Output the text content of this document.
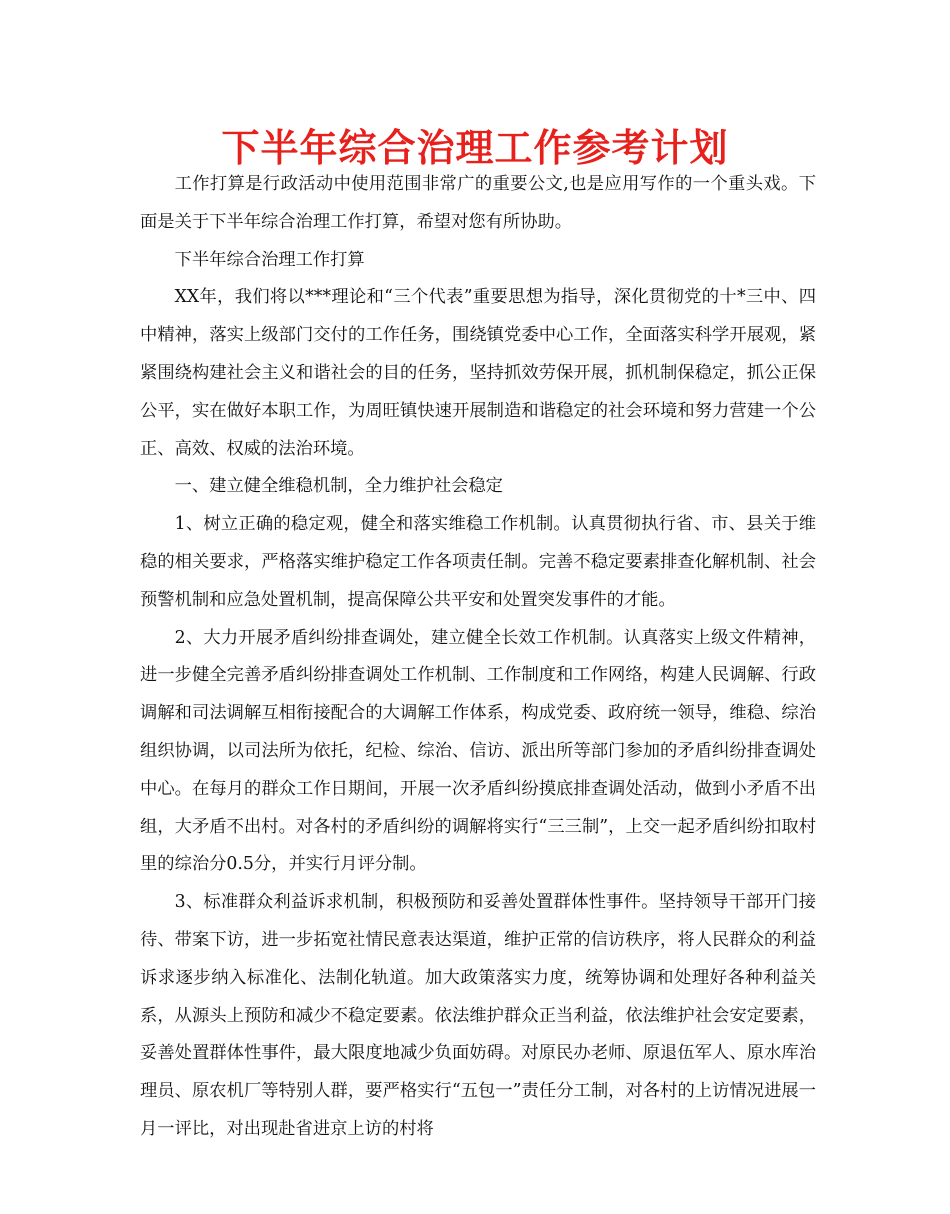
下半年综合治理工作参考计划

工作打算是行政活动中使用范围非常广的重要公文,也是应用写作的一个重头戏。下面是关于下半年综合治理工作打算，希望对您有所协助。

下半年综合治理工作打算

XX年，我们将以***理论和“三个代表”重要思想为指导，深化贯彻党的十*三中、四中精神，落实上级部门交付的工作任务，围绕镇党委中心工作，全面落实科学开展观，紧紧围绕构建社会主义和谐社会的目的任务，坚持抓效劳保开展，抓机制保稳定，抓公正保公平，实在做好本职工作，为周旺镇快速开展制造和谐稳定的社会环境和努力营建一个公正、高效、权威的法治环境。

一、建立健全维稳机制，全力维护社会稳定

1、树立正确的稳定观，健全和落实维稳工作机制。认真贯彻执行省、市、县关于维稳的相关要求，严格落实维护稳定工作各项责任制。完善不稳定要素排查化解机制、社会预警机制和应急处置机制，提高保障公共平安和处置突发事件的才能。

2、大力开展矛盾纠纷排查调处，建立健全长效工作机制。认真落实上级文件精神，进一步健全完善矛盾纠纷排查调处工作机制、工作制度和工作网络，构建人民调解、行政调解和司法调解互相衔接配合的大调解工作体系，构成党委、政府统一领导，维稳、综治组织协调，以司法所为依托，纪检、综治、信访、派出所等部门参加的矛盾纠纷排查调处中心。在每月的群众工作日期间，开展一次矛盾纠纷摸底排查调处活动，做到小矛盾不出组，大矛盾不出村。对各村的矛盾纠纷的调解将实行“三三制”，上交一起矛盾纠纷扣取村里的综治分0.5分，并实行月评分制。

3、标准群众利益诉求机制，积极预防和妥善处置群体性事件。坚持领导干部开门接待、带案下访，进一步拓宽社情民意表达渠道，维护正常的信访秩序，将人民群众的利益诉求逐步纳入标准化、法制化轨道。加大政策落实力度，统筹协调和处理好各种利益关系，从源头上预防和减少不稳定要素。依法维护群众正当利益，依法维护社会安定要素，妥善处置群体性事件，最大限度地减少负面妨碍。对原民办老师、原退伍军人、原水库治理员、原农机厂等特别人群，要严格实行“五包一”责任分工制，对各村的上访情况进展一月一评比，对出现赴省进京上访的村将
